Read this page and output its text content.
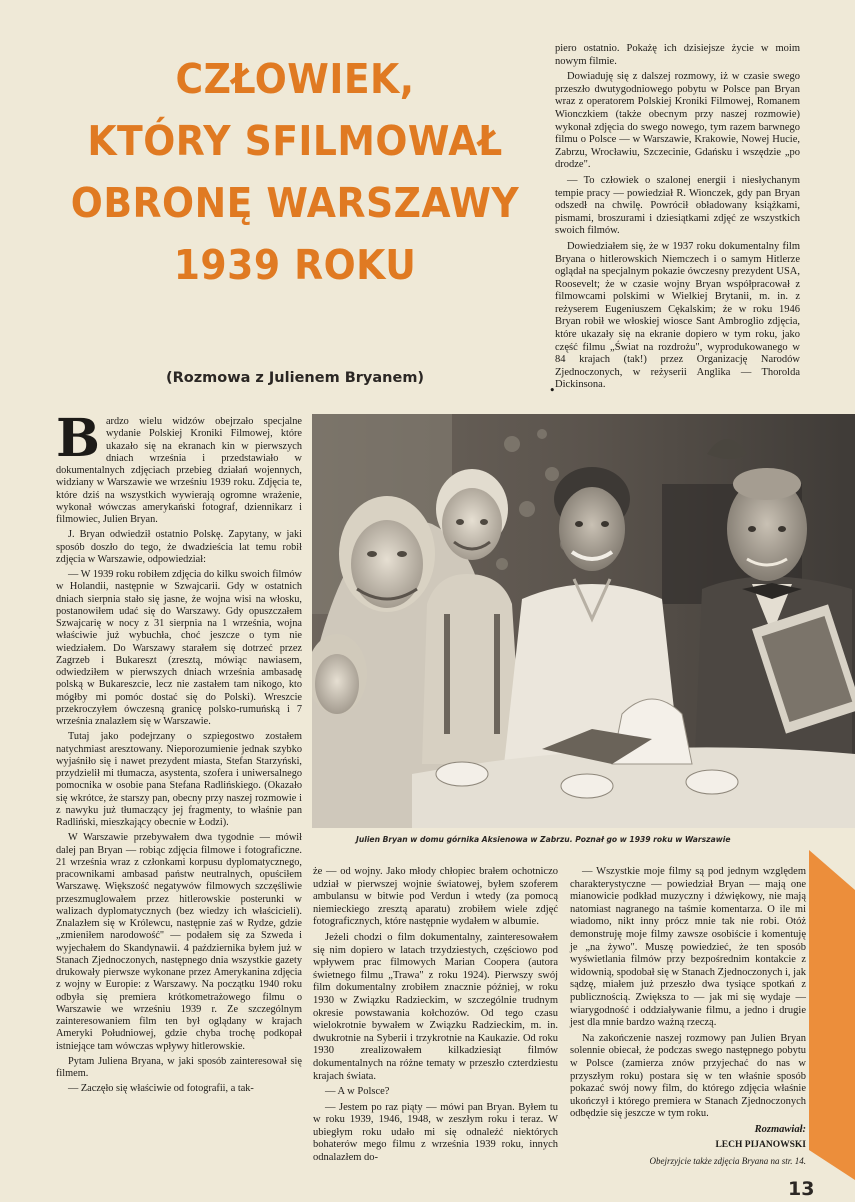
CZŁOWIEK,
KTÓRY SFILMOWAŁ
OBRONĘ WARSZAWY
1939 ROKU
(Rozmowa z Julienem Bryanem)

piero ostatnio. Pokażę ich dzisiejsze życie w moim nowym filmie.

Dowiaduję się z dalszej rozmowy, iż w czasie swego przeszło dwutygodniowego pobytu w Polsce pan Bryan wraz z operatorem Polskiej Kroniki Filmowej, Romanem Wionczkiem (także obecnym przy naszej rozmowie) wykonał zdjęcia do swego nowego, tym razem barwnego filmu o Polsce — w Warszawie, Krakowie, Nowej Hucie, Zabrzu, Wrocławiu, Szczecinie, Gdańsku i wszędzie „po drodze".

— To człowiek o szalonej energii i niesłychanym tempie pracy — powiedział R. Wionczek, gdy pan Bryan odszedł na chwilę. Powrócił obładowany książkami, pismami, broszurami i dziesiątkami zdjęć ze wszystkich swoich filmów.

Dowiedziałem się, że w 1937 roku dokumentalny film Bryana o hitlerowskich Niemczech i o samym Hitlerze oglądał na specjalnym pokazie ówczesny prezydent USA, Roosevelt; że w czasie wojny Bryan współpracował z filmowcami polskimi w Wielkiej Brytanii, m. in. z reżyserem Eugeniuszem Cękalskim; że w roku 1946 Bryan robił we włoskiej wiosce Sant Ambroglio zdjęcia, które ukazały się na ekranie dopiero w tym roku, jako część filmu „Świat na rozdrożu", wyprodukowanego w 84 krajach (tak!) przez Organizację Narodów Zjednoczonych, w reżyserii Anglika — Thorolda Dickinsona.

•

Bardzo wielu widzów obejrzało specjalne wydanie Polskiej Kroniki Filmowej, które ukazało się na ekranach kin w pierwszych dniach września i przedstawiało w dokumentalnych zdjęciach przebieg działań wojennych, widziany w Warszawie we wrześniu 1939 roku. Zdjęcia te, które dziś na wszystkich wywierają ogromne wrażenie, wykonał wówczas amerykański fotograf, dziennikarz i filmowiec, Julien Bryan.

J. Bryan odwiedził ostatnio Polskę. Zapytany, w jaki sposób doszło do tego, że dwadzieścia lat temu robił zdjęcia w Warszawie, odpowiedział:

— W 1939 roku robiłem zdjęcia do kilku swoich filmów w Holandii, następnie w Szwajcarii. Gdy w ostatnich dniach sierpnia stało się jasne, że wojna wisi na włosku, postanowiłem udać się do Warszawy. Gdy opuszczałem Szwajcarię w nocy z 31 sierpnia na 1 września, wojna właściwie już wybuchła, choć jeszcze o tym nie wiedziałem. Do Warszawy starałem się dotrzeć przez Zagrzeb i Bukareszt (zresztą, mówiąc nawiasem, odwiedziłem w pierwszych dniach września ambasadę polską w Bukareszcie, lecz nie zastałem tam nikogo, kto mógłby mi pomóc dostać się do Polski). Wreszcie przekroczyłem ówczesną granicę polsko-rumuńską i 7 września znalazłem się w Warszawie.

Tutaj jako podejrzany o szpiegostwo zostałem natychmiast aresztowany. Nieporozumienie jednak szybko wyjaśniło się i nawet prezydent miasta, Stefan Starzyński, przydzielił mi tłumacza, asystenta, szofera i uniwersalnego pomocnika w osobie pana Stefana Radlińskiego. (Okazało się wkrótce, że starszy pan, obecny przy naszej rozmowie i z nawyku już tłumaczący jej fragmenty, to właśnie pan Radliński, mieszkający obecnie w Łodzi).

W Warszawie przebywałem dwa tygodnie — mówił dalej pan Bryan — robiąc zdjęcia filmowe i fotograficzne. 21 września wraz z członkami korpusu dyplomatycznego, pracownikami ambasad państw neutralnych, opuściłem Warszawę. Większość negatywów filmowych szczęśliwie przeszmuglowałem przez hitlerowskie posterunki w walizach dyplomatycznych (bez wiedzy ich właścicieli). Znalazłem się w Królewcu, następnie zaś w Rydze, gdzie „zmieniłem narodowość" — podałem się za Szweda i wyjechałem do Skandynawii. 4 października byłem już w Stanach Zjednoczonych, następnego dnia wszystkie gazety drukowały pierwsze wykonane przez Amerykanina zdjęcia z wojny w Europie: z Warszawy. Na początku 1940 roku odbyła się premiera krótkometrażowego filmu o Warszawie we wrześniu 1939 r. Ze szczególnym zainteresowaniem film ten był oglądany w krajach Ameryki Południowej, gdzie chyba trochę podkopał istniejące tam wówczas wpływy hitlerowskie.

Pytam Juliena Bryana, w jaki sposób zainteresował się filmem.

— Zaczęło się właściwie od fotografii, a tak-

Julien Bryan w domu górnika Aksienowa w Zabrzu. Poznał go w 1939 roku w Warszawie

że — od wojny. Jako młody chłopiec brałem ochotniczo udział w pierwszej wojnie światowej, byłem szoferem ambulansu w bitwie pod Verdun i wtedy (za pomocą niemieckiego zresztą aparatu) zrobiłem wiele zdjęć fotograficznych, które następnie wydałem w albumie.

Jeżeli chodzi o film dokumentalny, zainteresowałem się nim dopiero w latach trzydziestych, częściowo pod wpływem prac filmowych Marian Coopera (autora świetnego filmu „Trawa" z roku 1924). Pierwszy swój film dokumentalny zrobiłem znacznie później, w roku 1930 w Związku Radzieckim, w szczególnie trudnym okresie powstawania kołchozów. Od tego czasu wielokrotnie bywałem w Związku Radzieckim, m. in. dwukrotnie na Syberii i trzykrotnie na Kaukazie. Od roku 1930 zrealizowałem kilkadziesiąt filmów dokumentalnych na różne tematy w przeszło czterdziestu krajach świata.

— A w Polsce?

— Jestem po raz piąty — mówi pan Bryan. Byłem tu w roku 1939, 1946, 1948, w zeszłym roku i teraz. W ubiegłym roku udało mi się odnaleźć niektórych bohaterów mego filmu z września 1939 roku, innych odnalazłem do-

— Wszystkie moje filmy są pod jednym względem charakterystyczne — powiedział Bryan — mają one mianowicie podkład muzyczny i dźwiękowy, nie mają natomiast nagranego na taśmie komentarza. O ile mi wiadomo, nikt inny prócz mnie tak nie robi. Otóż demonstruję moje filmy zawsze osobiście i komentuję je „na żywo". Muszę powiedzieć, że ten sposób wyświetlania filmów przy bezpośrednim kontakcie z widownią, spodobał się w Stanach Zjednoczonych i, jak sądzę, miałem już przeszło dwa tysiące spotkań z publicznością. Zwiększa to — jak mi się wydaje — wiarygodność i oddziaływanie filmu, a jedno i drugie jest dla mnie bardzo ważną rzeczą.

Na zakończenie naszej rozmowy pan Julien Bryan solennie obiecał, że podczas swego następnego pobytu w Polsce (zamierza znów przyjechać do nas w przyszłym roku) postara się w ten właśnie sposób pokazać swój nowy film, do którego zdjęcia właśnie ukończył i którego premiera w Stanach Zjednoczonych odbędzie się jeszcze w tym roku.

Rozmawiał:

LECH PIJANOWSKI

Obejrzyjcie także zdjęcia Bryana na str. 14.

13
